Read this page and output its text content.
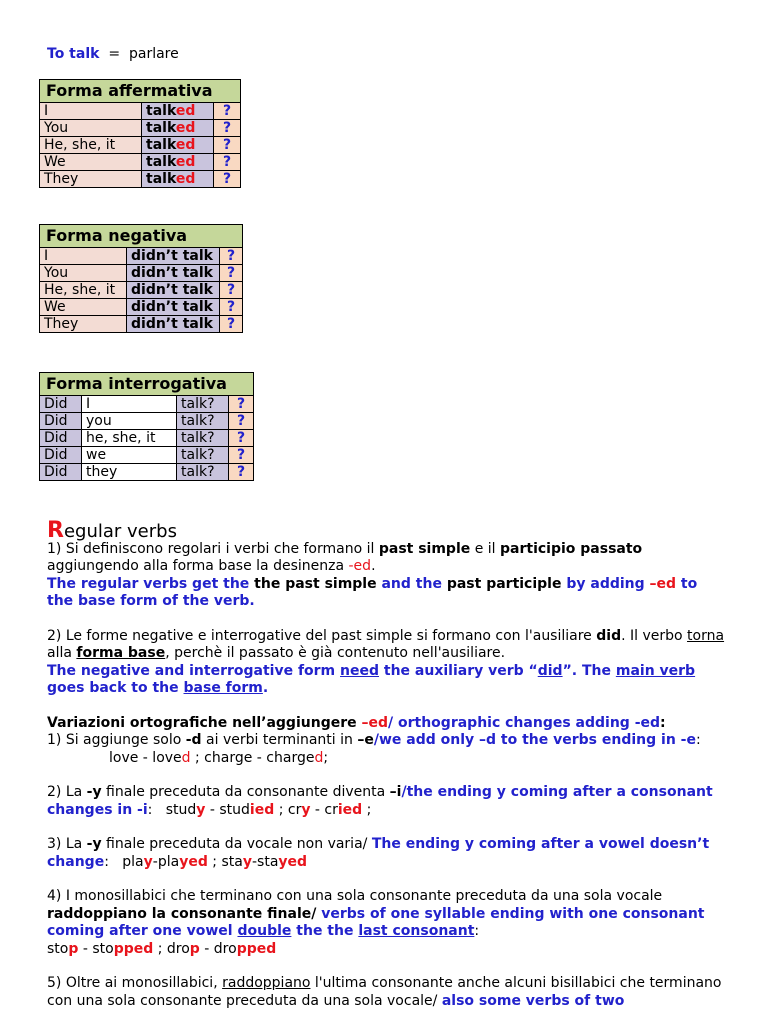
To talk = parlare
Forma affermativa		
I	talked	?
You	talked	?
He, she, it	talked	?
We	talked	?
They	talked	?
Forma negativa		
I	didn’t talk	?
You	didn’t talk	?
He, she, it	didn’t talk	?
We	didn’t talk	?
They	didn’t talk	?
Forma interrogativa			
Did	I	talk?	?
Did	you	talk?	?
Did	he, she, it	talk?	?
Did	we	talk?	?
Did	they	talk?	?

Regular verbs

1) Si definiscono regolari i verbi che formano il past simple e il participio passato aggiungendo alla forma base la desinenza -ed.

The regular verbs get the the past simple and the past participle by adding –ed to the base form of the verb.

2) Le forme negative e interrogative del past simple si formano con l'ausiliare did. Il verbo torna alla forma base, perchè il passato è già contenuto nell'ausiliare.

The negative and interrogative form need the auxiliary verb “did”. The main verb goes back to the base form.

Variazioni ortografiche nell’aggiungere –ed/ orthographic changes adding -ed:

1) Si aggiunge solo -d ai verbi terminanti in –e/we add only –d to the verbs ending in -e:love - loved ; charge - charged;

2) La -y finale preceduta da consonante diventa –i/the ending y coming after a consonant changes in -i: study - studied ; cry - cried ;

3) La -y finale preceduta da vocale non varia/ The ending y coming after a vowel doesn’t change: play-played ; stay-stayed

4) I monosillabici che terminano con una sola consonante preceduta da una sola vocale raddoppiano la consonante finale/ verbs of one syllable ending with one consonant coming after one vowel double the the last consonant:
stop - stopped ; drop - dropped

5) Oltre ai monosillabici, raddoppiano l'ultima consonante anche alcuni bisillabici che terminano con una sola consonante preceduta da una sola vocale/ also some verbs of two
